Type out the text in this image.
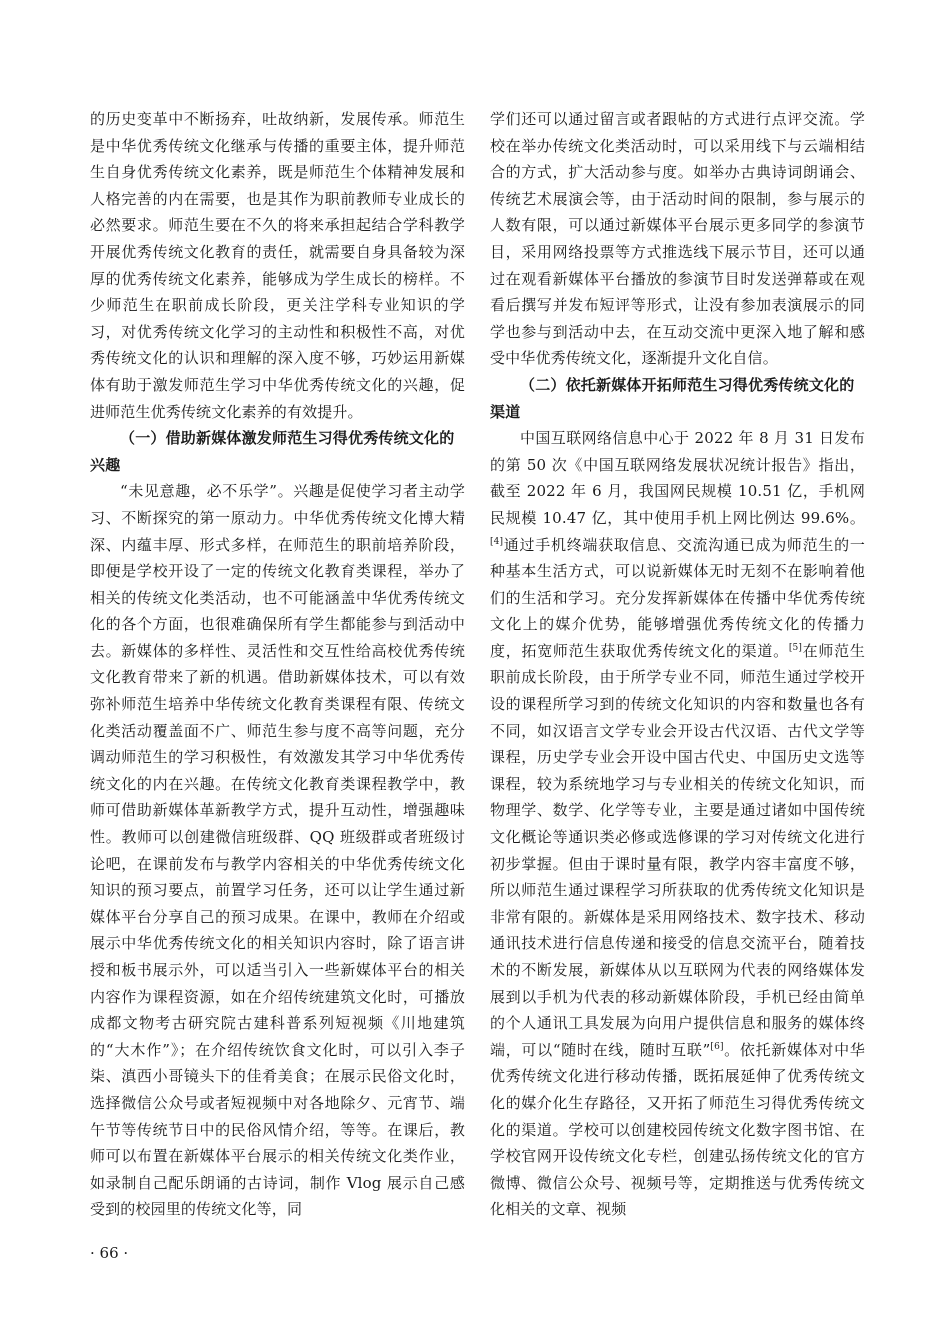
的历史变革中不断扬弃，吐故纳新，发展传承。师范生是中华优秀传统文化继承与传播的重要主体，提升师范生自身优秀传统文化素养，既是师范生个体精神发展和人格完善的内在需要，也是其作为职前教师专业成长的必然要求。师范生要在不久的将来承担起结合学科教学开展优秀传统文化教育的责任，就需要自身具备较为深厚的优秀传统文化素养，能够成为学生成长的榜样。不少师范生在职前成长阶段，更关注学科专业知识的学习，对优秀传统文化学习的主动性和积极性不高，对优秀传统文化的认识和理解的深入度不够，巧妙运用新媒体有助于激发师范生学习中华优秀传统文化的兴趣，促进师范生优秀传统文化素养的有效提升。

（一）借助新媒体激发师范生习得优秀传统文化的兴趣

“未见意趣，必不乐学”。兴趣是促使学习者主动学习、不断探究的第一原动力。中华优秀传统文化博大精深、内蕴丰厚、形式多样，在师范生的职前培养阶段，即便是学校开设了一定的传统文化教育类课程，举办了相关的传统文化类活动，也不可能涵盖中华优秀传统文化的各个方面，也很难确保所有学生都能参与到活动中去。新媒体的多样性、灵活性和交互性给高校优秀传统文化教育带来了新的机遇。借助新媒体技术，可以有效弥补师范生培养中华传统文化教育类课程有限、传统文化类活动覆盖面不广、师范生参与度不高等问题，充分调动师范生的学习积极性，有效激发其学习中华优秀传统文化的内在兴趣。在传统文化教育类课程教学中，教师可借助新媒体革新教学方式，提升互动性，增强趣味性。教师可以创建微信班级群、QQ 班级群或者班级讨论吧，在课前发布与教学内容相关的中华优秀传统文化知识的预习要点，前置学习任务，还可以让学生通过新媒体平台分享自己的预习成果。在课中，教师在介绍或展示中华优秀传统文化的相关知识内容时，除了语言讲授和板书展示外，可以适当引入一些新媒体平台的相关内容作为课程资源，如在介绍传统建筑文化时，可播放成都文物考古研究院古建科普系列短视频《川地建筑的“大木作”》；在介绍传统饮食文化时，可以引入李子柒、滇西小哥镜头下的佳肴美食；在展示民俗文化时，选择微信公众号或者短视频中对各地除夕、元宵节、端午节等传统节日中的民俗风情介绍，等等。在课后，教师可以布置在新媒体平台展示的相关传统文化类作业，如录制自己配乐朗诵的古诗词，制作 Vlog 展示自己感受到的校园里的传统文化等，同

学们还可以通过留言或者跟帖的方式进行点评交流。学校在举办传统文化类活动时，可以采用线下与云端相结合的方式，扩大活动参与度。如举办古典诗词朗诵会、传统艺术展演会等，由于活动时间的限制，参与展示的人数有限，可以通过新媒体平台展示更多同学的参演节目，采用网络投票等方式推选线下展示节目，还可以通过在观看新媒体平台播放的参演节目时发送弹幕或在观看后撰写并发布短评等形式，让没有参加表演展示的同学也参与到活动中去，在互动交流中更深入地了解和感受中华优秀传统文化，逐渐提升文化自信。

（二）依托新媒体开拓师范生习得优秀传统文化的渠道

中国互联网络信息中心于 2022 年 8 月 31 日发布的第 50 次《中国互联网络发展状况统计报告》指出，截至 2022 年 6 月，我国网民规模 10.51 亿，手机网民规模 10.47 亿，其中使用手机上网比例达 99.6%。[4]通过手机终端获取信息、交流沟通已成为师范生的一种基本生活方式，可以说新媒体无时无刻不在影响着他们的生活和学习。充分发挥新媒体在传播中华优秀传统文化上的媒介优势，能够增强优秀传统文化的传播力度，拓宽师范生获取优秀传统文化的渠道。[5]在师范生职前成长阶段，由于所学专业不同，师范生通过学校开设的课程所学习到的传统文化知识的内容和数量也各有不同，如汉语言文学专业会开设古代汉语、古代文学等课程，历史学专业会开设中国古代史、中国历史文选等课程，较为系统地学习与专业相关的传统文化知识，而物理学、数学、化学等专业，主要是通过诸如中国传统文化概论等通识类必修或选修课的学习对传统文化进行初步掌握。但由于课时量有限，教学内容丰富度不够，所以师范生通过课程学习所获取的优秀传统文化知识是非常有限的。新媒体是采用网络技术、数字技术、移动通讯技术进行信息传递和接受的信息交流平台，随着技术的不断发展，新媒体从以互联网为代表的网络媒体发展到以手机为代表的移动新媒体阶段，手机已经由简单的个人通讯工具发展为向用户提供信息和服务的媒体终端，可以“随时在线，随时互联”[6]。依托新媒体对中华优秀传统文化进行移动传播，既拓展延伸了优秀传统文化的媒介化生存路径，又开拓了师范生习得优秀传统文化的渠道。学校可以创建校园传统文化数字图书馆、在学校官网开设传统文化专栏，创建弘扬传统文化的官方微博、微信公众号、视频号等，定期推送与优秀传统文化相关的文章、视频

· 66 ·
